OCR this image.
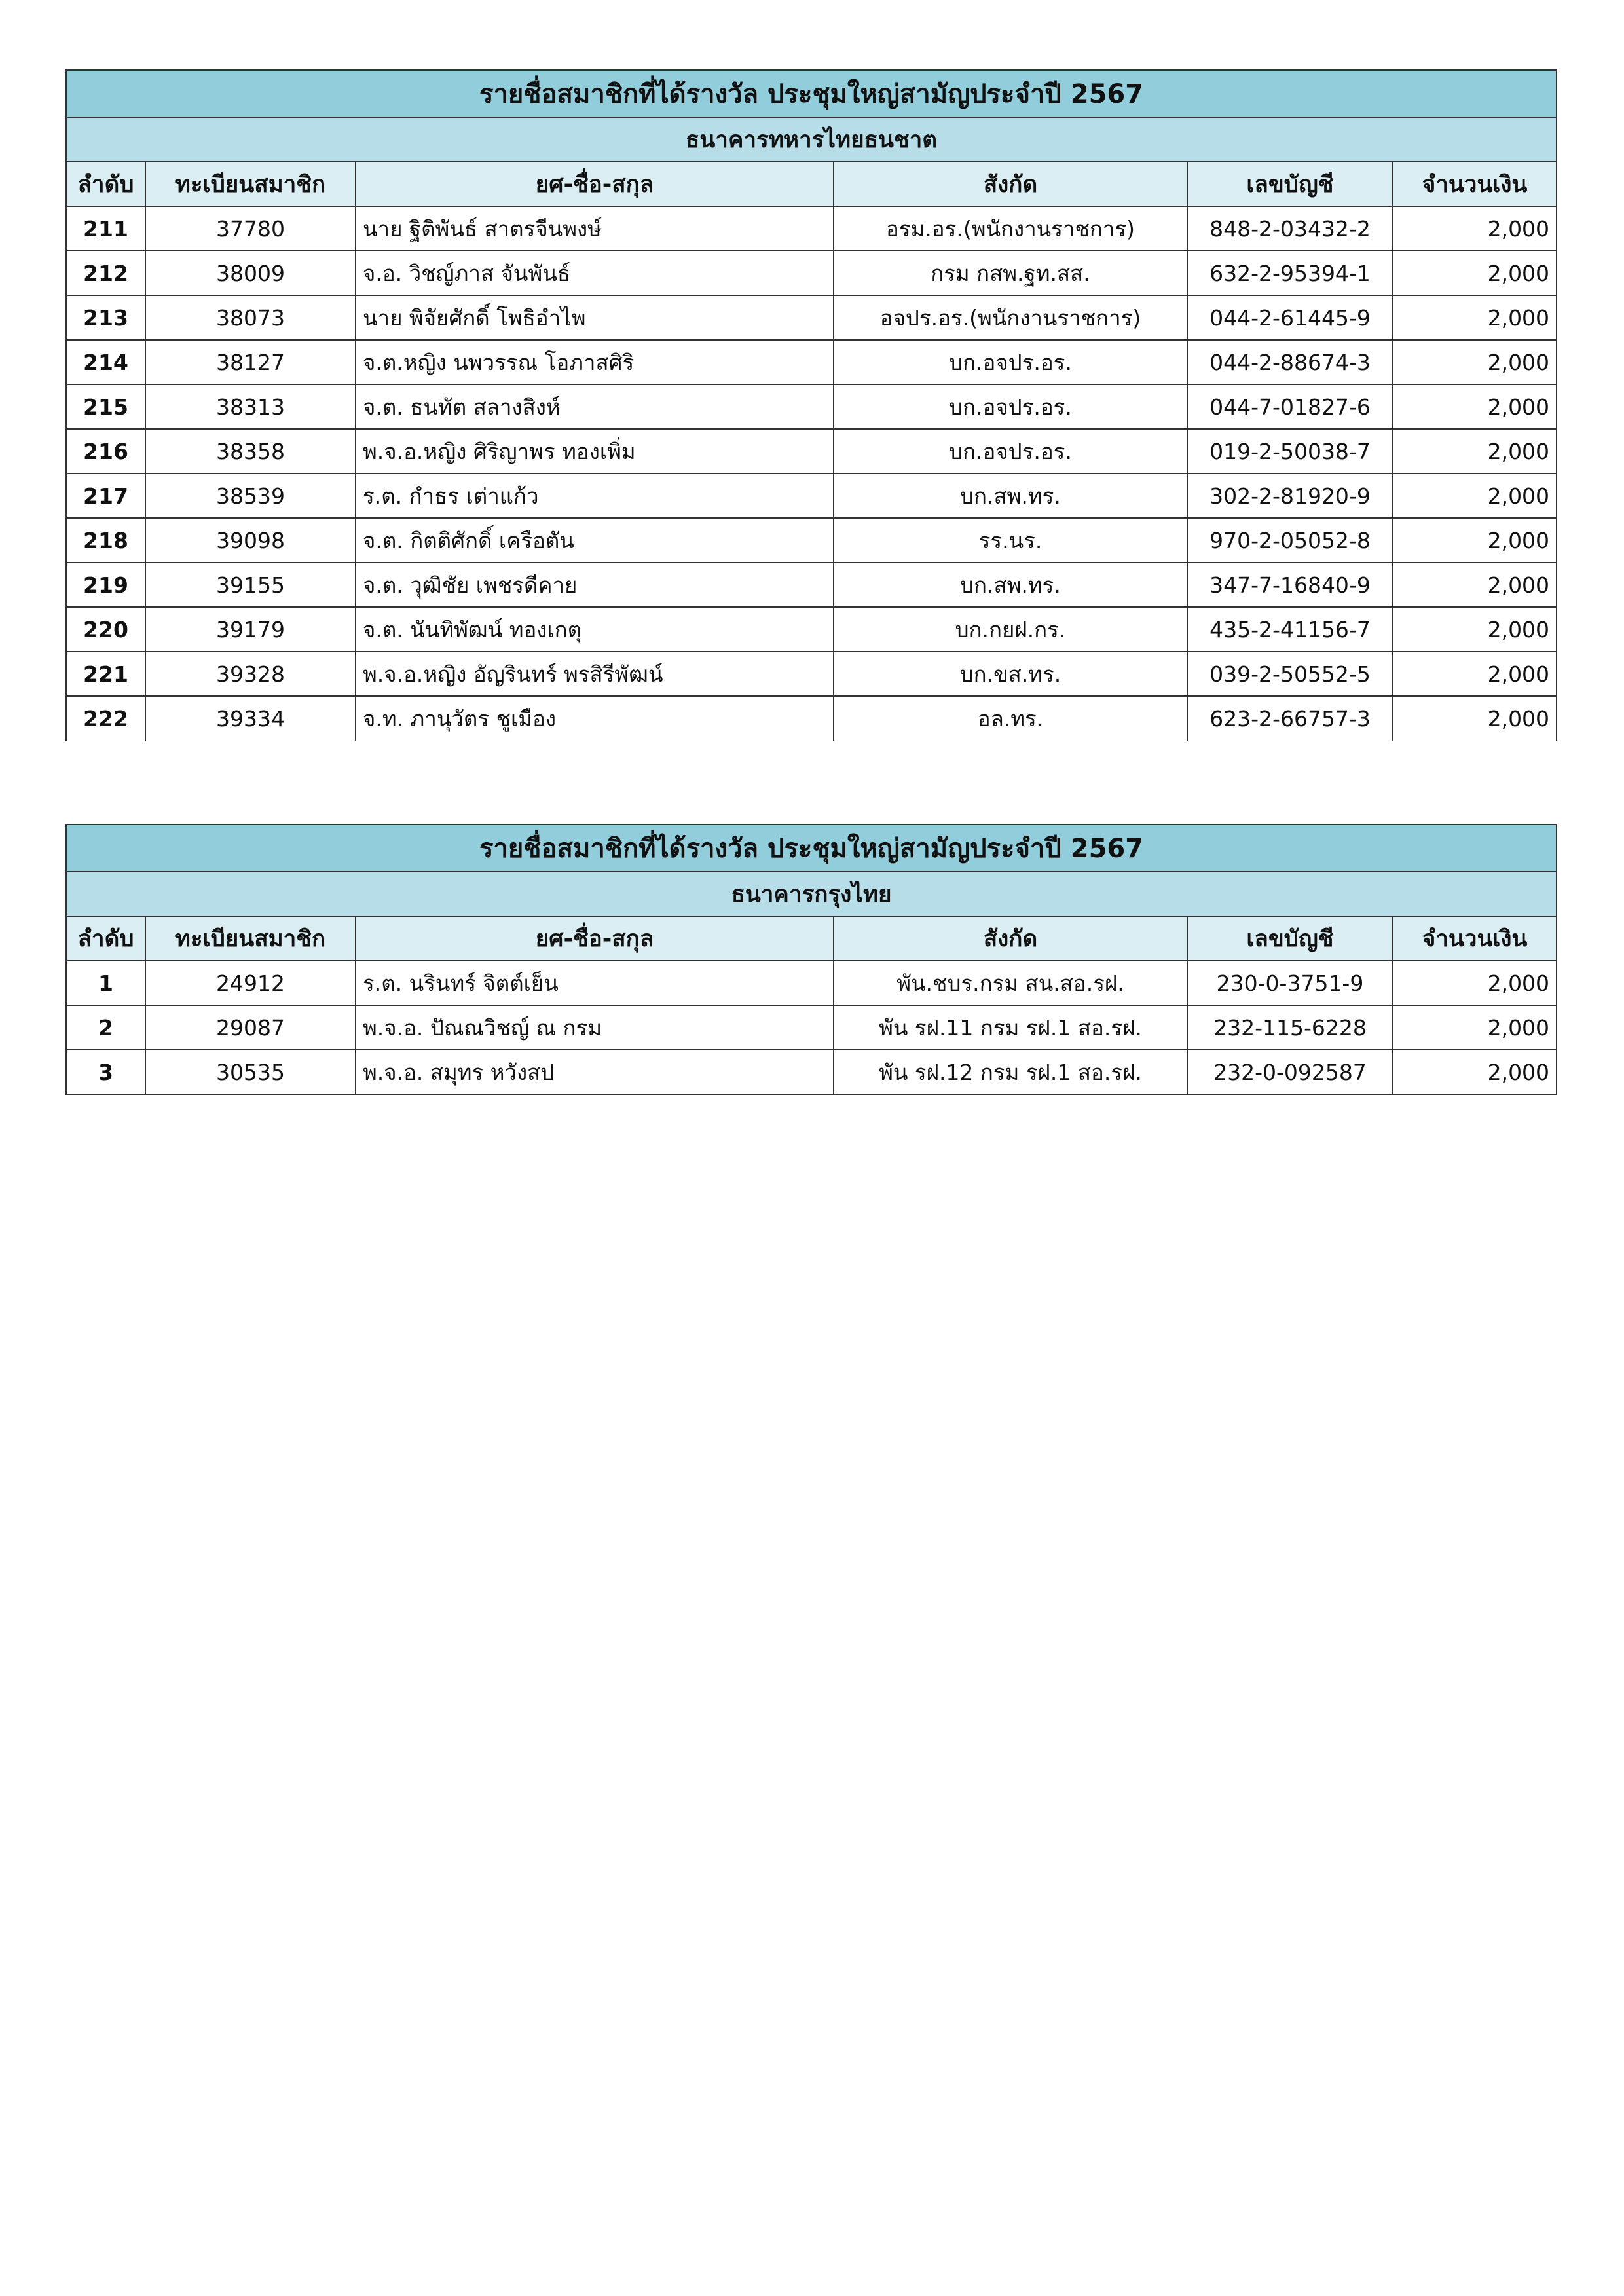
รายชื่อสมาชิกที่ได้รางวัล ประชุมใหญ่สามัญประจำปี 2567					
ธนาคารทหารไทยธนชาต					
ลำดับ	ทะเบียนสมาชิก	ยศ-ชื่อ-สกุล	สังกัด	เลขบัญชี	จำนวนเงิน
211	37780	นาย ฐิติพันธ์ สาตรจีนพงษ์	อรม.อร.(พนักงานราชการ)	848-2-03432-2	2,000
212	38009	จ.อ. วิชญ์ภาส จันพันธ์	กรม กสพ.ฐท.สส.	632-2-95394-1	2,000
213	38073	นาย พิจัยศักดิ์ โพธิอำไพ	อจปร.อร.(พนักงานราชการ)	044-2-61445-9	2,000
214	38127	จ.ต.หญิง นพวรรณ โอภาสศิริ	บก.อจปร.อร.	044-2-88674-3	2,000
215	38313	จ.ต. ธนทัต สลางสิงห์	บก.อจปร.อร.	044-7-01827-6	2,000
216	38358	พ.จ.อ.หญิง ศิริญาพร ทองเพิ่ม	บก.อจปร.อร.	019-2-50038-7	2,000
217	38539	ร.ต. กำธร เต่าแก้ว	บก.สพ.ทร.	302-2-81920-9	2,000
218	39098	จ.ต. กิตติศักดิ์ เครือตัน	รร.นร.	970-2-05052-8	2,000
219	39155	จ.ต. วุฒิชัย เพชรดีคาย	บก.สพ.ทร.	347-7-16840-9	2,000
220	39179	จ.ต. นันทิพัฒน์ ทองเกตุ	บก.กยฝ.กร.	435-2-41156-7	2,000
221	39328	พ.จ.อ.หญิง อัญรินทร์ พรสิรีพัฒน์	บก.ขส.ทร.	039-2-50552-5	2,000
222	39334	จ.ท. ภานุวัตร ชูเมือง	อล.ทร.	623-2-66757-3	2,000
รายชื่อสมาชิกที่ได้รางวัล ประชุมใหญ่สามัญประจำปี 2567					
ธนาคารกรุงไทย					
ลำดับ	ทะเบียนสมาชิก	ยศ-ชื่อ-สกุล	สังกัด	เลขบัญชี	จำนวนเงิน
1	24912	ร.ต. นรินทร์ จิตต์เย็น	พัน.ชบร.กรม สน.สอ.รฝ.	230-0-3751-9	2,000
2	29087	พ.จ.อ. ปัณณวิชญ์ ณ กรม	พัน รฝ.11 กรม รฝ.1 สอ.รฝ.	232-115-6228	2,000
3	30535	พ.จ.อ. สมุทร หวังสป	พัน รฝ.12 กรม รฝ.1 สอ.รฝ.	232-0-092587	2,000
